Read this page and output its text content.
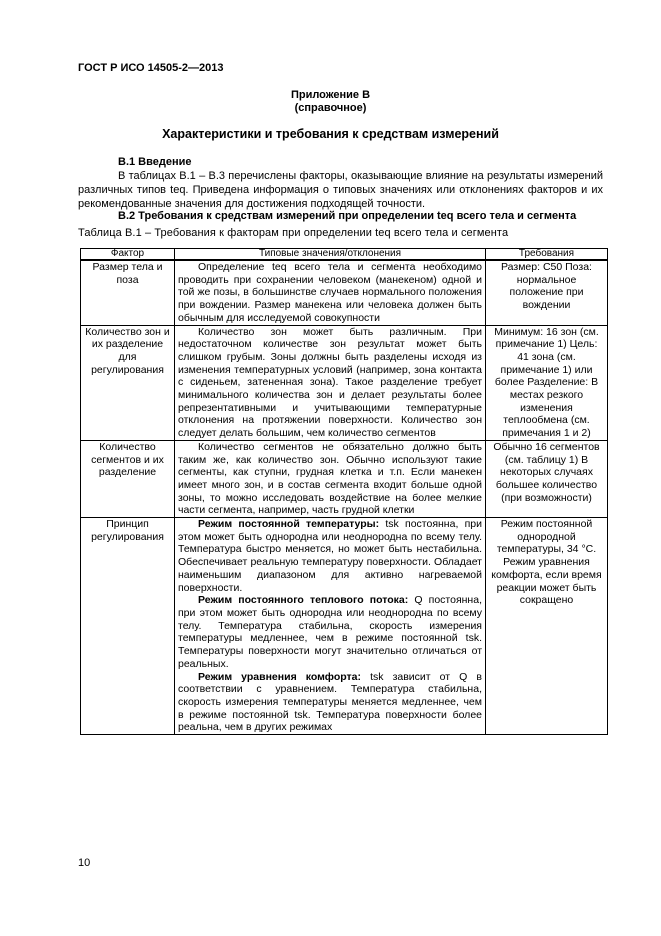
ГОСТ Р ИСО 14505-2—2013
Приложение В
(справочное)
Характеристики и требования к средствам измерений
В.1 Введение
В таблицах В.1 – В.3 перечислены факторы, оказывающие влияние на результаты измерений различных типов tеq. Приведена информация о типовых значениях или отклонениях факторов и их рекомендованные значения для достижения подходящей точности.
В.2 Требования к средствам измерений при определении tеq всего тела и сегмента
Таблица В.1 – Требования к факторам при определении tеq всего тела и сегмента
Фактор	Типовые значения/отклонения	Требования
Размер тела и поза	Определение tеq всего тела и сегмента необходимо проводить при сохранении человеком (манекеном) одной и той же позы, в большинстве случаев нормального положения при вождении. Размер манекена или человека должен быть обычным для исследуемой совокупности	Размер: С50 Поза: нормальное положение при вождении
Количество зон и их разделение для регулирования	Количество зон может быть различным. При недостаточном количестве зон результат может быть слишком грубым. Зоны должны быть разделены исходя из изменения температурных условий (например, зона контакта с сиденьем, затененная зона). Такое разделение требует минимального количества зон и делает результаты более репрезентативными и учитывающими температурные отклонения на протяжении поверхности. Количество зон следует делать большим, чем количество сегментов	Минимум: 16 зон (см. примечание 1) Цель: 41 зона (см. примечание 1) или более Разделение: В местах резкого изменения теплообмена (см. примечания 1 и 2)
Количество сегментов и их разделение	Количество сегментов не обязательно должно быть таким же, как количество зон. Обычно используют такие сегменты, как ступни, грудная клетка и т.п. Если манекен имеет много зон, и в состав сегмента входит больше одной зоны, то можно исследовать воздействие на более мелкие части сегмента, например, часть грудной клетки	Обычно 16 сегментов (см. таблицу 1) В некоторых случаях большее количество (при возможности)
Принцип регулирования	Режим постоянной температуры: tsk постоянна, при этом может быть однородна или неоднородна по всему телу. Температура быстро меняется, но может быть нестабильна. Обеспечивает реальную температуру поверхности. Обладает наименьшим диапазоном для активно нагреваемой поверхности.

Режим постоянного теплового потока: Q постоянна, при этом может быть однородна или неоднородна по всему телу. Температура стабильна, скорость измерения температуры медленнее, чем в режиме постоянной tsk. Температуры поверхности могут значительно отличаться от реальных.

Режим уравнения комфорта: tsk зависит от Q в соответствии с уравнением. Температура стабильна, скорость измерения температуры меняется медленнее, чем в режиме постоянной tsk. Температура поверхности более реальна, чем в других режимах	Режим постоянной однородной температуры, 34 °С. Режим уравнения комфорта, если время реакции может быть сокращено
10
